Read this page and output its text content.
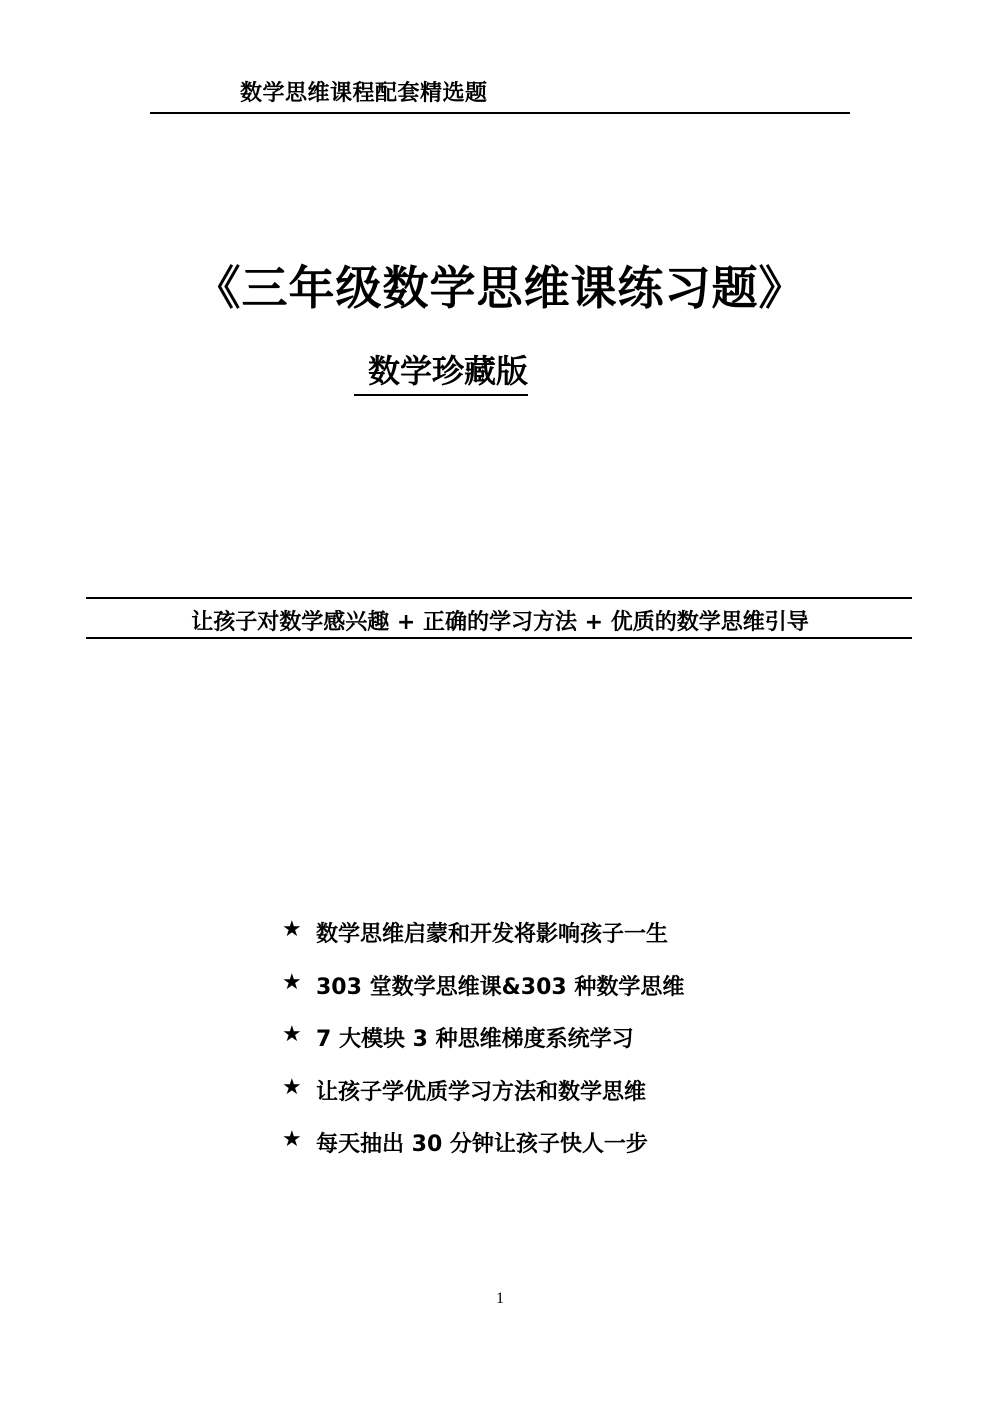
数学思维课程配套精选题
《三年级数学思维课练习题》
数学珍藏版
让孩子对数学感兴趣 + 正确的学习方法 + 优质的数学思维引导
★ 数学思维启蒙和开发将影响孩子一生
★ 303 堂数学思维课&303 种数学思维
★ 7 大模块 3 种思维梯度系统学习
★ 让孩子学优质学习方法和数学思维
★ 每天抽出 30 分钟让孩子快人一步
1
